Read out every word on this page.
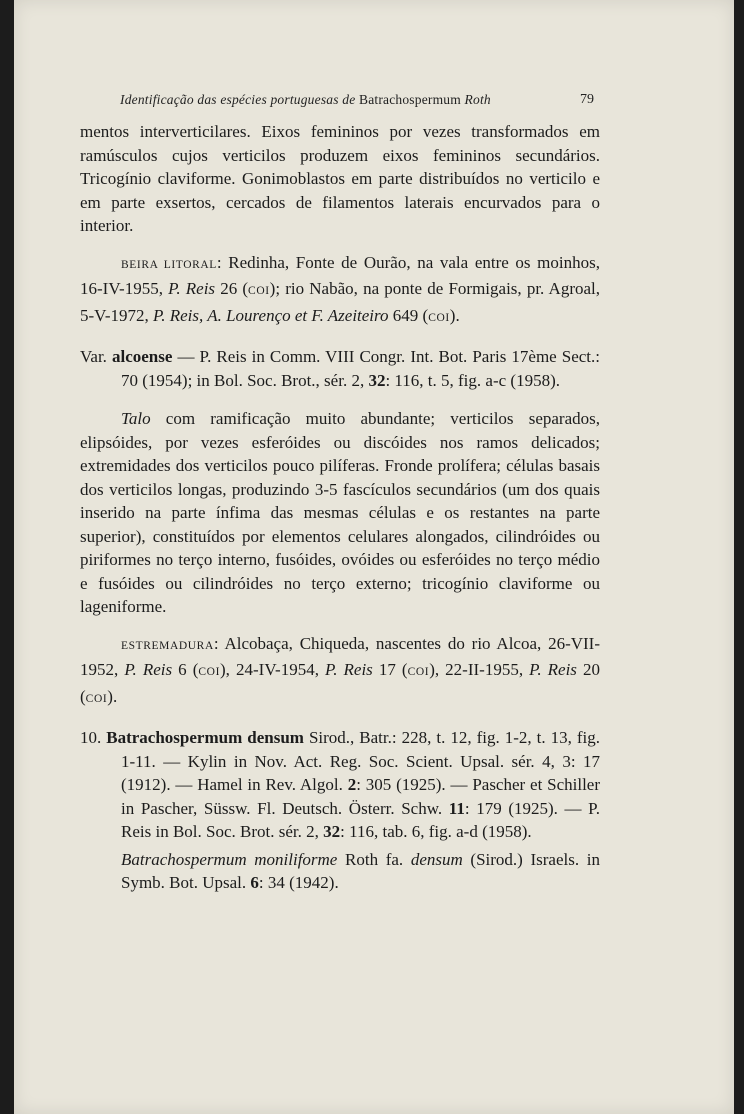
Identificação das espécies portuguesas de Batrachospermum Roth	79

mentos interverticilares. Eixos femininos por vezes transformados em ramúsculos cujos verticilos produzem eixos femininos secundários. Tricogínio claviforme. Gonimoblastos em parte distribuídos no verticilo e em parte exsertos, cercados de filamentos laterais encurvados para o interior.

BEIRA LITORAL: Redinha, Fonte de Ourão, na vala entre os moinhos, 16-IV-1955, P. Reis 26 (COI); rio Nabão, na ponte de Formigais, pr. Agroal, 5-V-1972, P. Reis, A. Lourenço et F. Azeiteiro 649 (COI).

Var. alcoense — P. Reis in Comm. VIII Congr. Int. Bot. Paris 17ème Sect.: 70 (1954); in Bol. Soc. Brot., sér. 2, 32: 116, t. 5, fig. a-c (1958).

Talo com ramificação muito abundante; verticilos separados, elipsóides, por vezes esferóides ou discóides nos ramos delicados; extremidades dos verticilos pouco pilíferas. Fronde prolífera; células basais dos verticilos longas, produzindo 3-5 fascículos secundários (um dos quais inserido na parte ínfima das mesmas células e os restantes na parte superior), constituídos por elementos celulares alongados, cilindróides ou piriformes no terço interno, fusóides, ovóides ou esferóides no terço médio e fusóides ou cilindróides no terço externo; tricogínio claviforme ou lageniforme.

ESTREMADURA: Alcobaça, Chiqueda, nascentes do rio Alcoa, 26-VII-1952, P. Reis 6 (COI), 24-IV-1954, P. Reis 17 (COI), 22-II-1955, P. Reis 20 (COI).

10. Batrachospermum densum Sirod., Batr.: 228, t. 12, fig. 1-2, t. 13, fig. 1-11. — Kylin in Nov. Act. Reg. Soc. Scient. Upsal. sér. 4, 3: 17 (1912). — Hamel in Rev. Algol. 2: 305 (1925). — Pascher et Schiller in Pascher, Süssw. Fl. Deutsch. Österr. Schw. 11: 179 (1925). — P. Reis in Bol. Soc. Brot. sér. 2, 32: 116, tab. 6, fig. a-d (1958).

Batrachospermum moniliforme Roth fa. densum (Sirod.) Israels. in Symb. Bot. Upsal. 6: 34 (1942).
